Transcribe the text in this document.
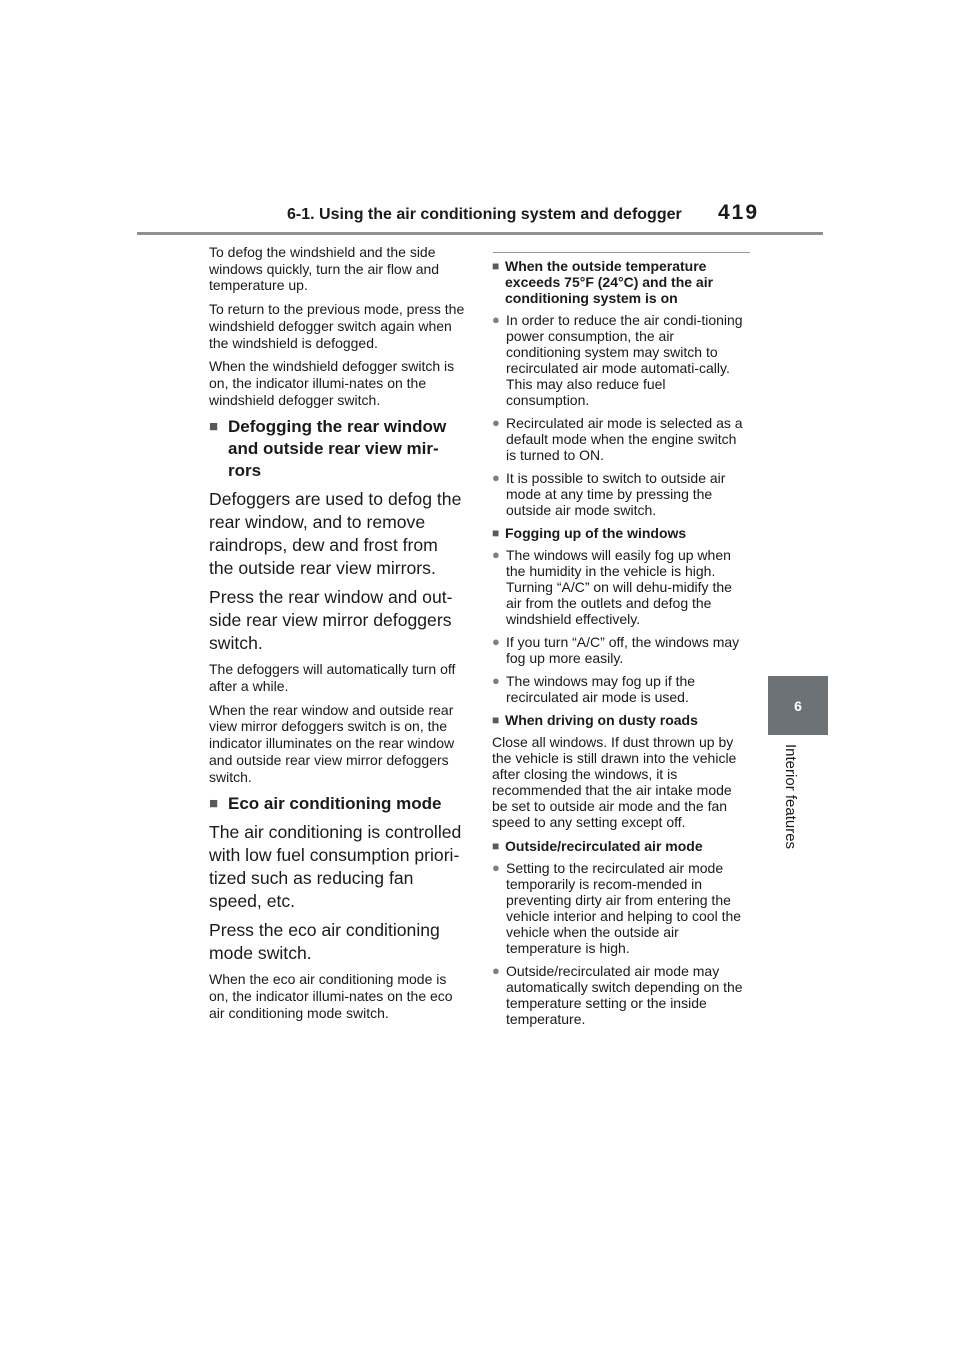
6-1. Using the air conditioning system and defogger 419
6
Interior features

To defog the windshield and the side windows quickly, turn the air flow and temperature up.

To return to the previous mode, press the windshield defogger switch again when the windshield is defogged.

When the windshield defogger switch is on, the indicator illumi-nates on the windshield defogger switch.

■ Defogging the rear window and outside rear view mir-rors

Defoggers are used to defog the rear window, and to remove raindrops, dew and frost from the outside rear view mirrors.

Press the rear window and out-side rear view mirror defoggers switch.

The defoggers will automatically turn off after a while.

When the rear window and outside rear view mirror defoggers switch is on, the indicator illuminates on the rear window and outside rear view mirror defoggers switch.

■ Eco air conditioning mode

The air conditioning is controlled with low fuel consumption priori-tized such as reducing fan speed, etc.

Press the eco air conditioning mode switch.

When the eco air conditioning mode is on, the indicator illumi-nates on the eco air conditioning mode switch.

■ When the outside temperature exceeds 75°F (24°C) and the air conditioning system is on
● In order to reduce the air condi-tioning power consumption, the air conditioning system may switch to recirculated air mode automati-cally. This may also reduce fuel consumption.
● Recirculated air mode is selected as a default mode when the engine switch is turned to ON.
● It is possible to switch to outside air mode at any time by pressing the outside air mode switch.
■ Fogging up of the windows
● The windows will easily fog up when the humidity in the vehicle is high. Turning “A/C” on will dehu-midify the air from the outlets and defog the windshield effectively.
● If you turn “A/C” off, the windows may fog up more easily.
● The windows may fog up if the recirculated air mode is used.
■ When driving on dusty roads

Close all windows. If dust thrown up by the vehicle is still drawn into the vehicle after closing the windows, it is recommended that the air intake mode be set to outside air mode and the fan speed to any setting except off.

■ Outside/recirculated air mode
● Setting to the recirculated air mode temporarily is recom-mended in preventing dirty air from entering the vehicle interior and helping to cool the vehicle when the outside air temperature is high.
● Outside/recirculated air mode may automatically switch depending on the temperature setting or the inside temperature.
